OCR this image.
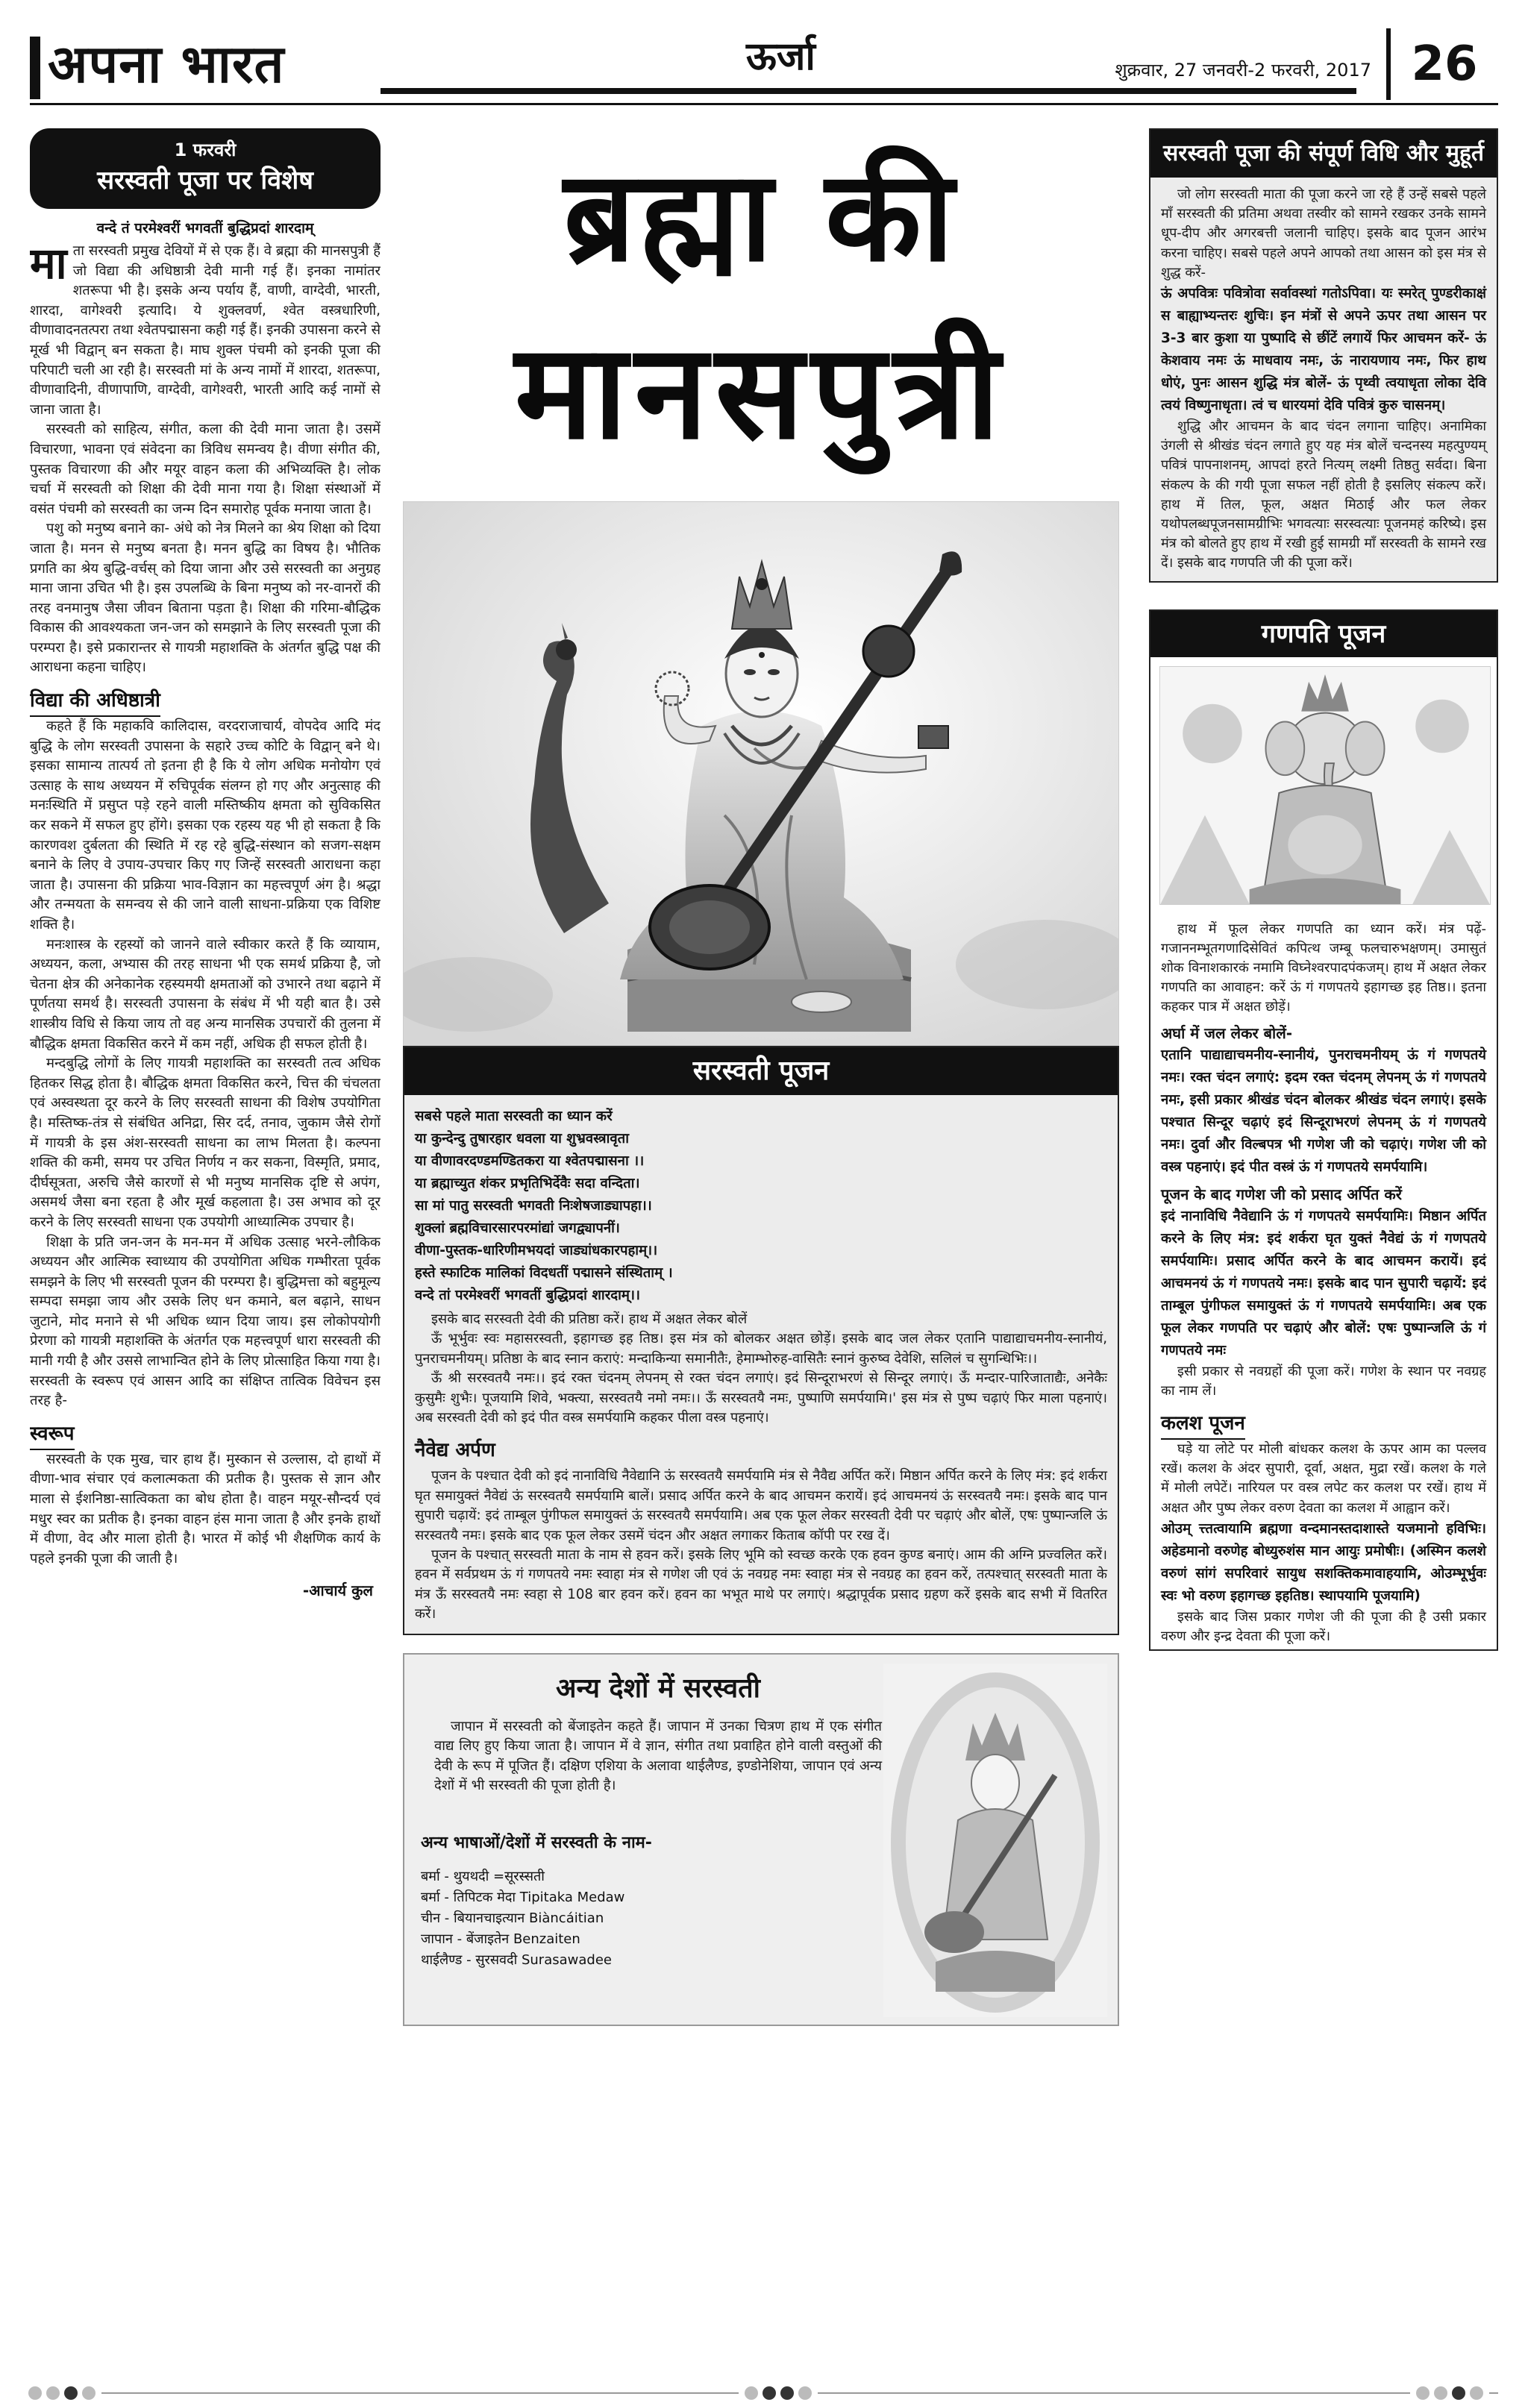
अपना भारत	ऊर्जा	शुक्रवार, 27 जनवरी-2 फरवरी, 2017 26
1 फरवरी
सरस्वती पूजा पर विशेष
वन्दे तं परमेश्वरीं भगवतीं बुद्धिप्रदां शारदाम्

माता सरस्वती प्रमुख देवियों में से एक हैं। वे ब्रह्मा की मानसपुत्री हैं जो विद्या की अधिष्ठात्री देवी मानी गई हैं। इनका नामांतर शतरूपा भी है। इसके अन्य पर्याय हैं, वाणी, वाग्देवी, भारती, शारदा, वागेश्वरी इत्यादि। ये शुक्लवर्ण, श्वेत वस्त्रधारिणी, वीणावादनतत्परा तथा श्वेतपद्मासना कही गई हैं। इनकी उपासना करने से मूर्ख भी विद्वान् बन सकता है। माघ शुक्ल पंचमी को इनकी पूजा की परिपाटी चली आ रही है। सरस्वती मां के अन्य नामों में शारदा, शतरूपा, वीणावादिनी, वीणापाणि, वाग्देवी, वागेश्वरी, भारती आदि कई नामों से जाना जाता है।

सरस्वती को साहित्य, संगीत, कला की देवी माना जाता है। उसमें विचारणा, भावना एवं संवेदना का त्रिविध समन्वय है। वीणा संगीत की, पुस्तक विचारणा की और मयूर वाहन कला की अभिव्यक्ति है। लोक चर्चा में सरस्वती को शिक्षा की देवी माना गया है। शिक्षा संस्थाओं में वसंत पंचमी को सरस्वती का जन्म दिन समारोह पूर्वक मनाया जाता है।

पशु को मनुष्य बनाने का- अंधे को नेत्र मिलने का श्रेय शिक्षा को दिया जाता है। मनन से मनुष्य बनता है। मनन बुद्धि का विषय है। भौतिक प्रगति का श्रेय बुद्धि-वर्चस् को दिया जाना और उसे सरस्वती का अनुग्रह माना जाना उचित भी है। इस उपलब्धि के बिना मनुष्य को नर-वानरों की तरह वनमानुष जैसा जीवन बिताना पड़ता है। शिक्षा की गरिमा-बौद्धिक विकास की आवश्यकता जन-जन को समझाने के लिए सरस्वती पूजा की परम्परा है। इसे प्रकारान्तर से गायत्री महाशक्ति के अंतर्गत बुद्धि पक्ष की आराधना कहना चाहिए।

विद्या की अधिष्ठात्री

कहते हैं कि महाकवि कालिदास, वरदराजाचार्य, वोपदेव आदि मंद बुद्धि के लोग सरस्वती उपासना के सहारे उच्च कोटि के विद्वान् बने थे। इसका सामान्य तात्पर्य तो इतना ही है कि ये लोग अधिक मनोयोग एवं उत्साह के साथ अध्ययन में रुचिपूर्वक संलग्न हो गए और अनुत्साह की मनःस्थिति में प्रसुप्त पड़े रहने वाली मस्तिष्कीय क्षमता को सुविकसित कर सकने में सफल हुए होंगे। इसका एक रहस्य यह भी हो सकता है कि कारणवश दुर्बलता की स्थिति में रह रहे बुद्धि-संस्थान को सजग-सक्षम बनाने के लिए वे उपाय-उपचार किए गए जिन्हें सरस्वती आराधना कहा जाता है। उपासना की प्रक्रिया भाव-विज्ञान का महत्त्वपूर्ण अंग है। श्रद्धा और तन्मयता के समन्वय से की जाने वाली साधना-प्रक्रिया एक विशिष्ट शक्ति है।

मनःशास्त्र के रहस्यों को जानने वाले स्वीकार करते हैं कि व्यायाम, अध्ययन, कला, अभ्यास की तरह साधना भी एक समर्थ प्रक्रिया है, जो चेतना क्षेत्र की अनेकानेक रहस्यमयी क्षमताओं को उभारने तथा बढ़ाने में पूर्णतया समर्थ है। सरस्वती उपासना के संबंध में भी यही बात है। उसे शास्त्रीय विधि से किया जाय तो वह अन्य मानसिक उपचारों की तुलना में बौद्धिक क्षमता विकसित करने में कम नहीं, अधिक ही सफल होती है।

मन्दबुद्धि लोगों के लिए गायत्री महाशक्ति का सरस्वती तत्व अधिक हितकर सिद्ध होता है। बौद्धिक क्षमता विकसित करने, चित्त की चंचलता एवं अस्वस्थता दूर करने के लिए सरस्वती साधना की विशेष उपयोगिता है। मस्तिष्क-तंत्र से संबंधित अनिद्रा, सिर दर्द, तनाव, जुकाम जैसे रोगों में गायत्री के इस अंश-सरस्वती साधना का लाभ मिलता है। कल्पना शक्ति की कमी, समय पर उचित निर्णय न कर सकना, विस्मृति, प्रमाद, दीर्घसूत्रता, अरुचि जैसे कारणों से भी मनुष्य मानसिक दृष्टि से अपंग, असमर्थ जैसा बना रहता है और मूर्ख कहलाता है। उस अभाव को दूर करने के लिए सरस्वती साधना एक उपयोगी आध्यात्मिक उपचार है।

शिक्षा के प्रति जन-जन के मन-मन में अधिक उत्साह भरने-लौकिक अध्ययन और आत्मिक स्वाध्याय की उपयोगिता अधिक गम्भीरता पूर्वक समझने के लिए भी सरस्वती पूजन की परम्परा है। बुद्धिमत्ता को बहुमूल्य सम्पदा समझा जाय और उसके लिए धन कमाने, बल बढ़ाने, साधन जुटाने, मोद मनाने से भी अधिक ध्यान दिया जाय। इस लोकोपयोगी प्रेरणा को गायत्री महाशक्ति के अंतर्गत एक महत्त्वपूर्ण धारा सरस्वती की मानी गयी है और उससे लाभान्वित होने के लिए प्रोत्साहित किया गया है। सरस्वती के स्वरूप एवं आसन आदि का संक्षिप्त तात्विक विवेचन इस तरह है-

स्वरूप

सरस्वती के एक मुख, चार हाथ हैं। मुस्कान से उल्लास, दो हाथों में वीणा-भाव संचार एवं कलात्मकता की प्रतीक है। पुस्तक से ज्ञान और माला से ईशनिष्ठा-सात्विकता का बोध होता है। वाहन मयूर-सौन्दर्य एवं मधुर स्वर का प्रतीक है। इनका वाहन हंस माना जाता है और इनके हाथों में वीणा, वेद और माला होती है। भारत में कोई भी शैक्षणिक कार्य के पहले इनकी पूजा की जाती है।

-आचार्य कुल
ब्रह्मा की
मानसपुत्री
सरस्वती पूजन
सबसे पहले माता सरस्वती का ध्यान करें
या कुन्देन्दु तुषारहार धवला या शुभ्रवस्त्रावृता
या वीणावरदण्डमण्डितकरा या श्वेतपद्मासना ।।
या ब्रह्माच्युत शंकर प्रभृतिभिर्देवैः सदा वन्दिता।
सा मां पातु सरस्वती भगवती निःशेषजाड्यापहा।।
शुक्लां ब्रह्मविचारसारपरमांद्यां जगद्व्यापनीं।
वीणा-पुस्तक-धारिणीमभयदां जाड्यांधकारपहाम्।।
हस्ते स्फाटिक मालिकां विदधतीं पद्मासने संस्थिताम् ।
वन्दे तां परमेश्वरीं भगवतीं बुद्धिप्रदां शारदाम्।।

इसके बाद सरस्वती देवी की प्रतिष्ठा करें। हाथ में अक्षत लेकर बोलें

ऊँ भूर्भुवः स्वः महासरस्वती, इहागच्छ इह तिष्ठ। इस मंत्र को बोलकर अक्षत छोड़ें। इसके बाद जल लेकर एतानि पाद्याद्याचमनीय-स्नानीयं, पुनराचमनीयम्। प्रतिष्ठा के बाद स्नान कराएं: मन्दाकिन्या समानीतैः, हेमाम्भोरुह-वासितैः स्नानं कुरुष्व देवेशि, सलिलं च सुगन्धिभिः।।

ऊँ श्री सरस्वतयै नमः।। इदं रक्त चंदनम् लेपनम् से रक्त चंदन लगाएं। इदं सिन्दूराभरणं से सिन्दूर लगाएं। ऊँ मन्दार-पारिजाताद्यैः, अनेकैः कुसुमैः शुभैः। पूजयामि शिवे, भक्त्या, सरस्वतयै नमो नमः।। ऊँ सरस्वतयै नमः, पुष्पाणि समर्पयामि।' इस मंत्र से पुष्प चढ़ाएं फिर माला पहनाएं। अब सरस्वती देवी को इदं पीत वस्त्र समर्पयामि कहकर पीला वस्त्र पहनाएं।

नैवेद्य अर्पण

पूजन के पश्चात देवी को इदं नानाविधि नैवेद्यानि ऊं सरस्वतयै समर्पयामि मंत्र से नैवैद्य अर्पित करें। मिष्ठान अर्पित करने के लिए मंत्र: इदं शर्करा घृत समायुक्तं नैवेद्यं ऊं सरस्वतयै समर्पयामि बालें। प्रसाद अर्पित करने के बाद आचमन करायें। इदं आचमनयं ऊं सरस्वतयै नमः। इसके बाद पान सुपारी चढ़ायें: इदं ताम्बूल पुंगीफल समायुक्तं ऊं सरस्वतयै समर्पयामि। अब एक फूल लेकर सरस्वती देवी पर चढ़ाएं और बोलें, एषः पुष्पान्जलि ऊं सरस्वतयै नमः। इसके बाद एक फूल लेकर उसमें चंदन और अक्षत लगाकर किताब कॉपी पर रख दें।

पूजन के पश्चात् सरस्वती माता के नाम से हवन करें। इसके लिए भूमि को स्वच्छ करके एक हवन कुण्ड बनाएं। आम की अग्नि प्रज्वलित करें। हवन में सर्वप्रथम ऊं गं गणपतये नमः स्वाहा मंत्र से गणेश जी एवं ऊं नवग्रह नमः स्वाहा मंत्र से नवग्रह का हवन करें, तत्पश्चात् सरस्वती माता के मंत्र ऊँ सरस्वतयै नमः स्वहा से 108 बार हवन करें। हवन का भभूत माथे पर लगाएं। श्रद्धापूर्वक प्रसाद ग्रहण करें इसके बाद सभी में वितरित करें।

अन्य देशों में सरस्वती

जापान में सरस्वती को बेंजाइतेन कहते हैं। जापान में उनका चित्रण हाथ में एक संगीत वाद्य लिए हुए किया जाता है। जापान में वे ज्ञान, संगीत तथा प्रवाहित होने वाली वस्तुओं की देवी के रूप में पूजित हैं। दक्षिण एशिया के अलावा थाईलैण्ड, इण्डोनेशिया, जापान एवं अन्य देशों में भी सरस्वती की पूजा होती है।

अन्य भाषाओं/देशों में सरस्वती के नाम-
बर्मा - थुयथदी =सूरस्सती
बर्मा - तिपिटक मेदा Tipitaka Medaw
चीन - बियानचाइत्यान Biàncáitian
जापान - बेंजाइतेन Benzaiten
थाईलैण्ड - सुरसवदी Surasawadee
सरस्वती पूजा की संपूर्ण विधि और मुहूर्त

जो लोग सरस्वती माता की पूजा करने जा रहे हैं उन्हें सबसे पहले माँ सरस्वती की प्रतिमा अथवा तस्वीर को सामने रखकर उनके सामने धूप-दीप और अगरबत्ती जलानी चाहिए। इसके बाद पूजन आरंभ करना चाहिए। सबसे पहले अपने आपको तथा आसन को इस मंत्र से शुद्ध करें-

ऊं अपवित्रः पवित्रोवा सर्वावस्थां गतोऽपिवा। यः स्मरेत् पुण्डरीकाक्षं स बाह्याभ्यन्तरः शुचिः। इन मंत्रों से अपने ऊपर तथा आसन पर 3-3 बार कुशा या पुष्पादि से छींटें लगायें फिर आचमन करें- ऊं केशवाय नमः ऊं माधवाय नमः, ऊं नारायणाय नमः, फिर हाथ धोएं, पुनः आसन शुद्धि मंत्र बोलें- ऊं पृथ्वी त्वयाधृता लोका देवि त्वयं विष्णुनाधृता। त्वं च धारयमां देवि पवित्रं कुरु चासनम्।

शुद्धि और आचमन के बाद चंदन लगाना चाहिए। अनामिका उंगली से श्रीखंड चंदन लगाते हुए यह मंत्र बोलें चन्दनस्य महत्पुण्यम् पवित्रं पापनाशनम्, आपदां हरते नित्यम् लक्ष्मी तिष्ठतु सर्वदा। बिना संकल्प के की गयी पूजा सफल नहीं होती है इसलिए संकल्प करें। हाथ में तिल, फूल, अक्षत मिठाई और फल लेकर यथोपलब्धपूजनसामग्रीभिः भगवत्याः सरस्वत्याः पूजनमहं करिष्ये। इस मंत्र को बोलते हुए हाथ में रखी हुई सामग्री माँ सरस्वती के सामने रख दें। इसके बाद गणपति जी की पूजा करें।

गणपति पूजन

हाथ में फूल लेकर गणपति का ध्यान करें। मंत्र पढ़ें- गजाननम्भूतगणादिसेवितं कपित्थ जम्बू फलचारुभक्षणम्। उमासुतं शोक विनाशकारकं नमामि विघ्नेश्वरपादपंकजम्। हाथ में अक्षत लेकर गणपति का आवाहन: करें ऊं गं गणपतये इहागच्छ इह तिष्ठ।। इतना कहकर पात्र में अक्षत छोड़ें।

अर्घा में जल लेकर बोलें-
एतानि पाद्याद्याचमनीय-स्नानीयं, पुनराचमनीयम् ऊं गं गणपतये नमः। रक्त चंदन लगाएं: इदम रक्त चंदनम् लेपनम् ऊं गं गणपतये नमः, इसी प्रकार श्रीखंड चंदन बोलकर श्रीखंड चंदन लगाएं। इसके पश्चात सिन्दूर चढ़ाएं इदं सिन्दूराभरणं लेपनम् ऊं गं गणपतये नमः। दुर्वा और विल्बपत्र भी गणेश जी को चढ़ाएं। गणेश जी को वस्त्र पहनाएं। इदं पीत वस्त्रं ऊं गं गणपतये समर्पयामि।
पूजन के बाद गणेश जी को प्रसाद अर्पित करें
इदं नानाविधि नैवेद्यानि ऊं गं गणपतये समर्पयामिः। मिष्ठान अर्पित करने के लिए मंत्र: इदं शर्करा घृत युक्तं नैवेद्यं ऊं गं गणपतये समर्पयामिः। प्रसाद अर्पित करने के बाद आचमन करायें। इदं आचमनयं ऊं गं गणपतये नमः। इसके बाद पान सुपारी चढ़ायें: इदं ताम्बूल पुंगीफल समायुक्तं ऊं गं गणपतये समर्पयामिः। अब एक फूल लेकर गणपति पर चढ़ाएं और बोलें: एषः पुष्पान्जलि ऊं गं गणपतये नमः

इसी प्रकार से नवग्रहों की पूजा करें। गणेश के स्थान पर नवग्रह का नाम लें।

कलश पूजन

घड़े या लोटे पर मोली बांधकर कलश के ऊपर आम का पल्लव रखें। कलश के अंदर सुपारी, दूर्वा, अक्षत, मुद्रा रखें। कलश के गले में मोली लपेटें। नारियल पर वस्त्र लपेट कर कलश पर रखें। हाथ में अक्षत और पुष्प लेकर वरुण देवता का कलश में आह्वान करें।

ओउम् त्त्तत्वायामि ब्रह्मणा वन्दमानस्तदाशास्ते यजमानो हविभिः। अहेडमानो वरुणेह बोध्युरुशंस मान आयुः प्रमोषीः। (अस्मिन कलशे वरुणं सांगं सपरिवारं सायुध सशक्तिकमावाहयामि, ओउम्भूर्भुवः स्वः भो वरुण इहागच्छ इहतिष्ठ। स्थापयामि पूजयामि)

इसके बाद जिस प्रकार गणेश जी की पूजा की है उसी प्रकार वरुण और इन्द्र देवता की पूजा करें।
